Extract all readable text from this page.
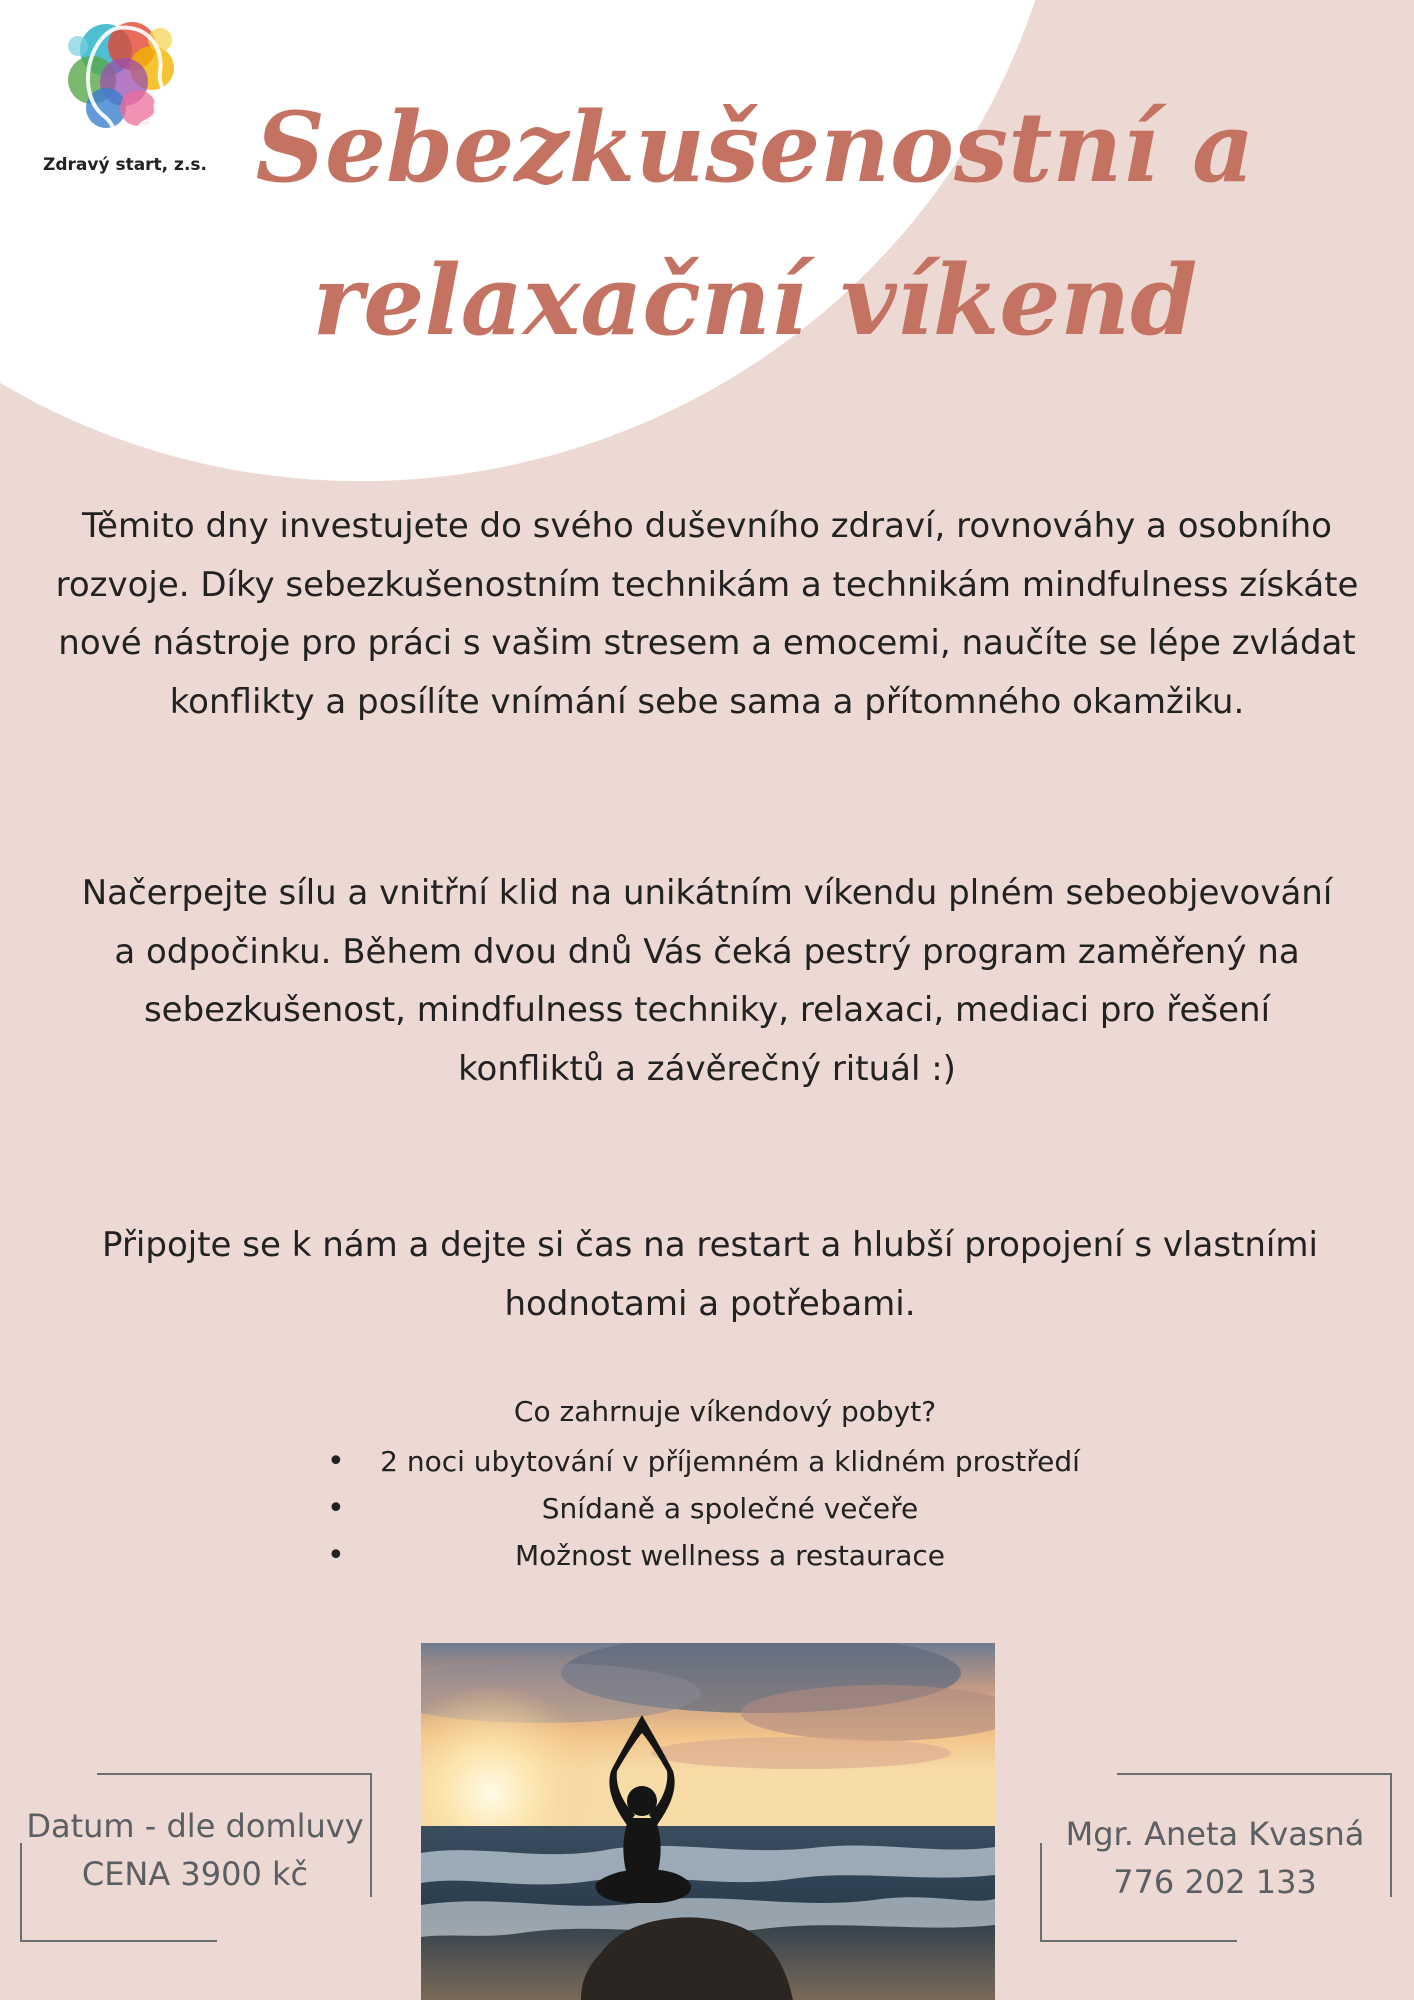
Zdravý start, z.s. Sebezkušenostní a
relaxační víkend

Těmito dny investujete do svého duševního zdraví, rovnováhy a osobního rozvoje. Díky sebezkušenostním technikám a technikám mindfulness získáte nové nástroje pro práci s vašim stresem a emocemi, naučíte se lépe zvládat konflikty a posílíte vnímání sebe sama a přítomného okamžiku.

Načerpejte sílu a vnitřní klid na unikátním víkendu plném sebeobjevování a odpočinku. Během dvou dnů Vás čeká pestrý program zaměřený na sebezkušenost, mindfulness techniky, relaxaci, mediaci pro řešení konfliktů a závěrečný rituál :)

Připojte se k nám a dejte si čas na restart a hlubší propojení s vlastními hodnotami a potřebami.

Co zahrnuje víkendový pobyt?
• 2 noci ubytování v příjemném a klidném prostředí
•	Snídaně a společné večeře
•	Možnost wellness a restaurace
Datum - dle domluvy
CENA 3900 kč
Mgr. Aneta Kvasná
776 202 133
